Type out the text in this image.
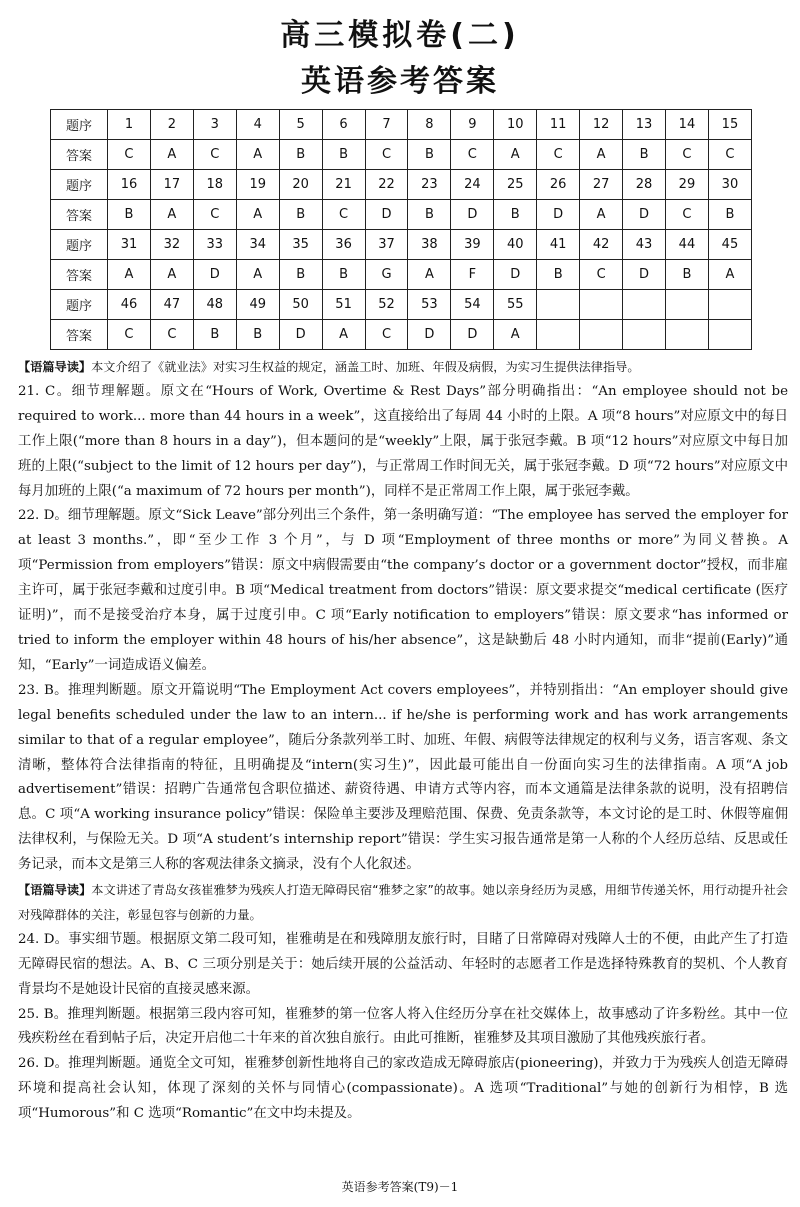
高三模拟卷(二)
英语参考答案
题序	1	2	3	4	5	6	7	8	9	10	11	12	13	14	15
答案	C	A	C	A	B	B	C	B	C	A	C	A	B	C	C
题序	16	17	18	19	20	21	22	23	24	25	26	27	28	29	30
答案	B	A	C	A	B	C	D	B	D	B	D	A	D	C	B
题序	31	32	33	34	35	36	37	38	39	40	41	42	43	44	45
答案	A	A	D	A	B	B	G	A	F	D	B	C	D	B	A
题序	46	47	48	49	50	51	52	53	54	55					
答案	C	C	B	B	D	A	C	D	D	A					

【语篇导读】本文介绍了《就业法》对实习生权益的规定，涵盖工时、加班、年假及病假，为实习生提供法律指导。

21. C。细节理解题。原文在“Hours of Work, Overtime & Rest Days”部分明确指出：“An employee should not be required to work... more than 44 hours in a week”，这直接给出了每周 44 小时的上限。A 项“8 hours”对应原文中的每日工作上限(“more than 8 hours in a day”)，但本题问的是“weekly”上限，属于张冠李戴。B 项“12 hours”对应原文中每日加班的上限(“subject to the limit of 12 hours per day”)，与正常周工作时间无关，属于张冠李戴。D 项“72 hours”对应原文中每月加班的上限(“a maximum of 72 hours per month”)，同样不是正常周工作上限，属于张冠李戴。

22. D。细节理解题。原文“Sick Leave”部分列出三个条件，第一条明确写道：“The employee has served the employer for at least 3 months.”，即“至少工作 3 个月”，与 D 项“Employment of three months or more”为同义替换。A 项“Permission from employers”错误：原文中病假需要由“the company’s doctor or a government doctor”授权，而非雇主许可，属于张冠李戴和过度引申。B 项“Medical treatment from doctors”错误：原文要求提交“medical certificate (医疗证明)”，而不是接受治疗本身，属于过度引申。C 项“Early notification to employers”错误：原文要求“has informed or tried to inform the employer within 48 hours of his/her absence”，这是缺勤后 48 小时内通知，而非“提前(Early)”通知，“Early”一词造成语义偏差。

23. B。推理判断题。原文开篇说明“The Employment Act covers employees”，并特别指出：“An employer should give legal benefits scheduled under the law to an intern... if he/she is performing work and has work arrangements similar to that of a regular employee”，随后分条款列举工时、加班、年假、病假等法律规定的权利与义务，语言客观、条文清晰，整体符合法律指南的特征，且明确提及“intern(实习生)”，因此最可能出自一份面向实习生的法律指南。A 项“A job advertisement”错误：招聘广告通常包含职位描述、薪资待遇、申请方式等内容，而本文通篇是法律条款的说明，没有招聘信息。C 项“A working insurance policy”错误：保险单主要涉及理赔范围、保费、免责条款等，本文讨论的是工时、休假等雇佣法律权利，与保险无关。D 项“A student’s internship report”错误：学生实习报告通常是第一人称的个人经历总结、反思或任务记录，而本文是第三人称的客观法律条文摘录，没有个人化叙述。

【语篇导读】本文讲述了青岛女孩崔雅梦为残疾人打造无障碍民宿“雅梦之家”的故事。她以亲身经历为灵感，用细节传递关怀，用行动提升社会对残障群体的关注，彰显包容与创新的力量。

24. D。事实细节题。根据原文第二段可知，崔雅萌是在和残障朋友旅行时，目睹了日常障碍对残障人士的不便，由此产生了打造无障碍民宿的想法。A、B、C 三项分别是关于：她后续开展的公益活动、年轻时的志愿者工作是选择特殊教育的契机、个人教育背景均不是她设计民宿的直接灵感来源。

25. B。推理判断题。根据第三段内容可知，崔雅梦的第一位客人将入住经历分享在社交媒体上，故事感动了许多粉丝。其中一位残疾粉丝在看到帖子后，决定开启他二十年来的首次独自旅行。由此可推断，崔雅梦及其项目激励了其他残疾旅行者。

26. D。推理判断题。通览全文可知，崔雅梦创新性地将自己的家改造成无障碍旅店(pioneering)，并致力于为残疾人创造无障碍环境和提高社会认知，体现了深刻的关怀与同情心(compassionate)。A 选项“Traditional”与她的创新行为相悖，B 选项“Humorous”和 C 选项“Romantic”在文中均未提及。

英语参考答案(T9)－1
